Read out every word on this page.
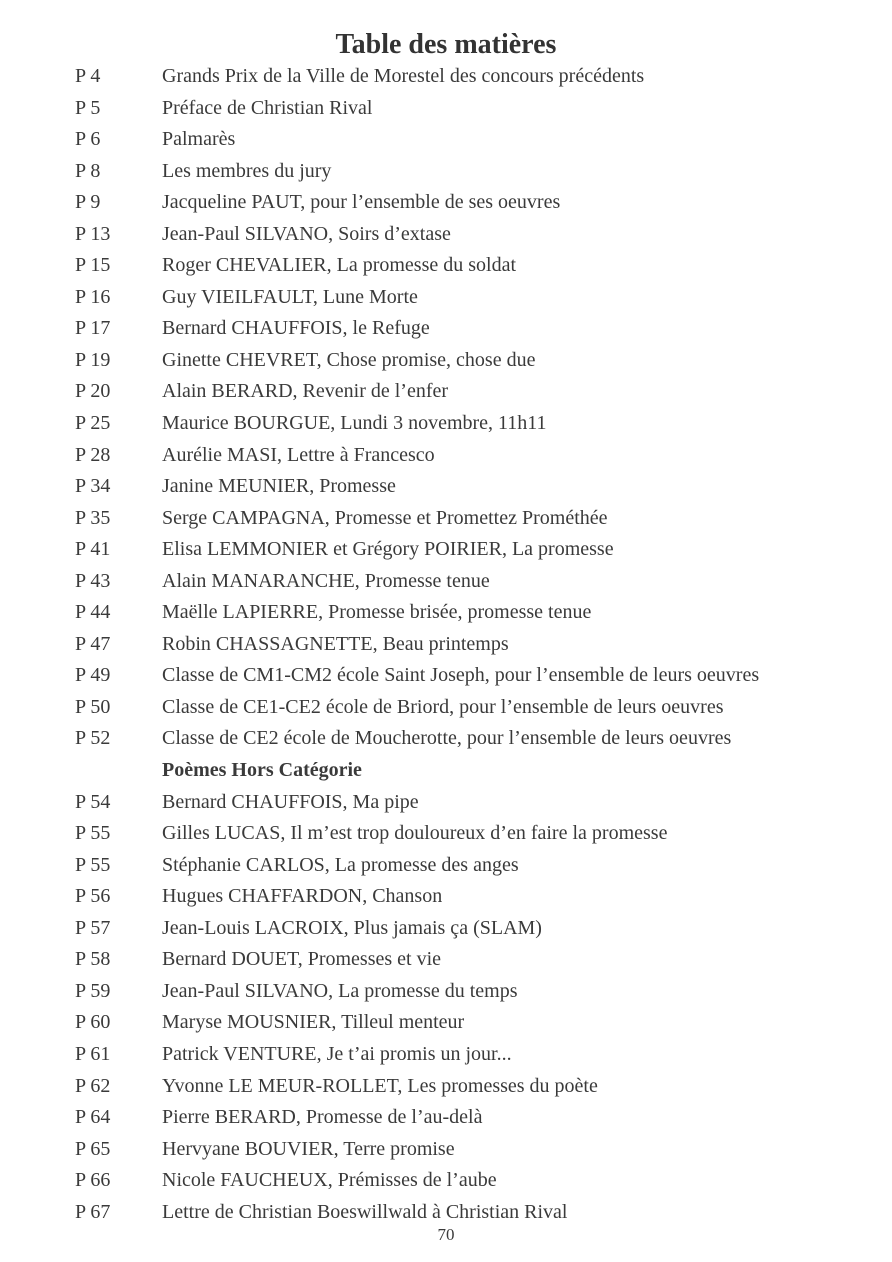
Table des matières
P 4	Grands Prix de la Ville de Morestel des concours précédents
P 5	Préface de Christian Rival
P 6	Palmarès
P 8	Les membres du jury
P 9	Jacqueline PAUT, pour l’ensemble de ses oeuvres
P 13	Jean-Paul SILVANO, Soirs d’extase
P 15	Roger CHEVALIER, La promesse du soldat
P 16	Guy VIEILFAULT, Lune Morte
P 17	Bernard CHAUFFOIS, le Refuge
P 19	Ginette CHEVRET, Chose promise, chose due
P 20	Alain BERARD, Revenir de l’enfer
P 25	Maurice BOURGUE, Lundi 3 novembre, 11h11
P 28	Aurélie MASI, Lettre à Francesco
P 34	Janine MEUNIER, Promesse
P 35	Serge CAMPAGNA, Promesse et Promettez Prométhée
P 41	Elisa LEMMONIER et Grégory POIRIER, La promesse
P 43	Alain MANARANCHE, Promesse tenue
P 44	Maëlle LAPIERRE, Promesse brisée, promesse tenue
P 47	Robin CHASSAGNETTE, Beau printemps
P 49	Classe de CM1-CM2 école Saint Joseph, pour l’ensemble de leurs oeuvres
P 50	Classe de CE1-CE2 école de Briord, pour l’ensemble de leurs oeuvres
P 52	Classe de CE2 école de Moucherotte, pour l’ensemble de leurs oeuvres
Poèmes Hors Catégorie
P 54	Bernard CHAUFFOIS, Ma pipe
P 55	Gilles LUCAS, Il m’est trop douloureux d’en faire la promesse
P 55	Stéphanie CARLOS, La promesse des anges
P 56	Hugues CHAFFARDON, Chanson
P 57	Jean-Louis LACROIX, Plus jamais ça (SLAM)
P 58	Bernard DOUET, Promesses et vie
P 59	Jean-Paul SILVANO, La promesse du temps
P 60	Maryse MOUSNIER, Tilleul menteur
P 61	Patrick VENTURE, Je t’ai promis un jour...
P 62	Yvonne LE MEUR-ROLLET, Les promesses du poète
P 64	Pierre BERARD, Promesse de l’au-delà
P 65	Hervyane BOUVIER, Terre promise
P 66	Nicole FAUCHEUX, Prémisses de l’aube
P 67	Lettre de Christian Boeswillwald à Christian Rival
70
